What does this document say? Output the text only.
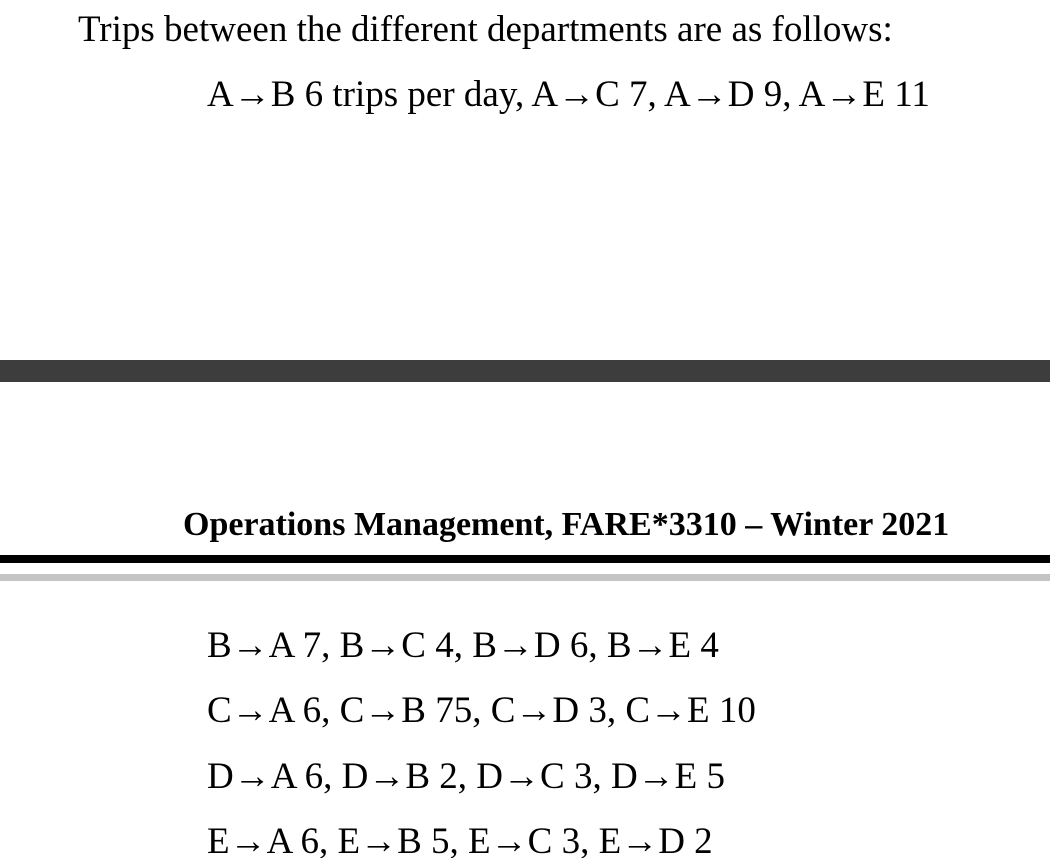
Trips between the different departments are as follows:
A→B 6 trips per day, A→C 7, A→D 9, A→E 11
Operations Management, FARE*3310 – Winter 2021
B→A 7, B→C 4, B→D 6, B→E 4
C→A 6, C→B 75, C→D 3, C→E 10
D→A 6, D→B 2, D→C 3, D→E 5
E→A 6, E→B 5, E→C 3, E→D 2
